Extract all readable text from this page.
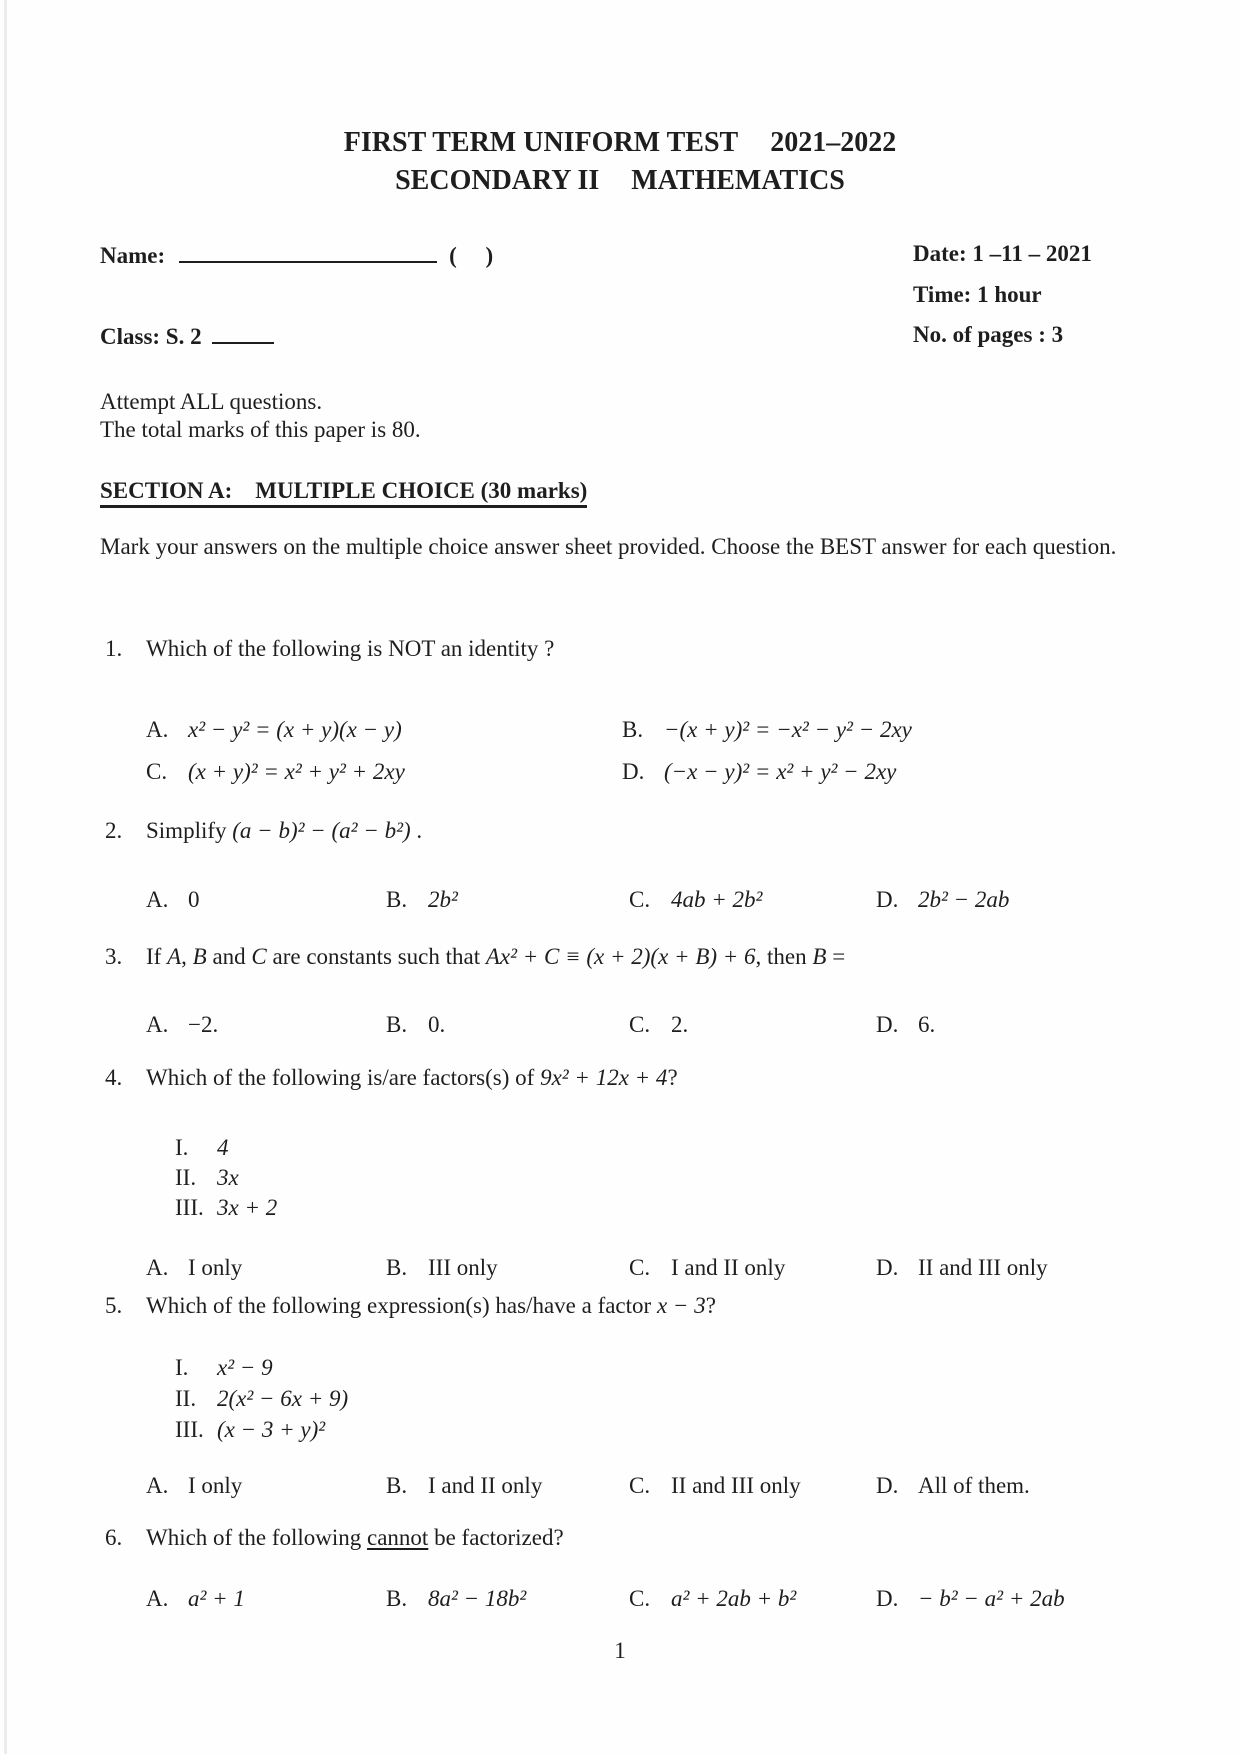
FIRST TERM UNIFORM TEST 2021–2022
SECONDARY II MATHEMATICS
Name:	(     )	Date: 1 –11 – 2021
Time: 1 hour
Class: S. 2	No. of pages : 3
Attempt ALL questions.
The total marks of this paper is 80.
SECTION A:    MULTIPLE CHOICE (30 marks)
Mark your answers on the multiple choice answer sheet provided. Choose the BEST answer for each question.
1.	Which of the following is NOT an identity ?
A. x² − y² = (x + y)(x − y)	B. −(x + y)² = −x² − y² − 2xy
C. (x + y)² = x² + y² + 2xy	D. (−x − y)² = x² + y² − 2xy
2.	Simplify (a − b)² − (a² − b²) .
A. 0	B. 2b²	C. 4ab + 2b²	D. 2b² − 2ab
3.	If A, B and C are constants such that Ax² + C ≡ (x + 2)(x + B) + 6, then B =
A. −2.	B. 0.	C. 2.	D. 6.
4.	Which of the following is/are factors(s) of 9x² + 12x + 4?
I.	4
II. 3x
III. 3x + 2
A. I only	B. III only	C. I and II only	D. II and III only
5.	Which of the following expression(s) has/have a factor x − 3?
I.	x² − 9
II. 2(x² − 6x + 9)
III. (x − 3 + y)²
A. I only	B. I and II only	C. II and III only	D. All of them.
6.	Which of the following cannot be factorized?
A. a² + 1	B. 8a² − 18b²	C. a² + 2ab + b²	D. − b² − a² + 2ab
1
